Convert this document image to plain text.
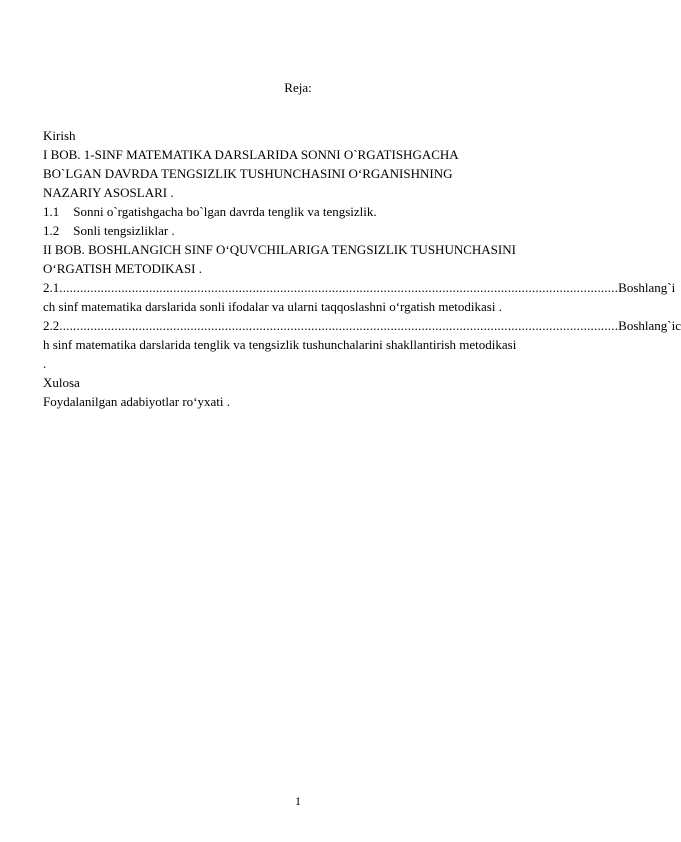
Reja:
Kirish
I BOB. 1-SINF MATEMATIKA DARSLARIDA SONNI O`RGATISHGACHA
BO`LGAN DAVRDA TENGSIZLIK TUSHUNCHASINI O‘RGANISHNING
NAZARIY ASOSLARI .
1.1 Sonni o`rgatishgacha bo`lgan davrda tenglik va tengsizlik.
1.2 Sonli tengsizliklar .
II BOB. BOSHLANGICH SINF O‘QUVCHILARIGA TENGSIZLIK TUSHUNCHASINI
O‘RGATISH METODIKASI .
2.1 .................................................................................................................................................................. Boshlang`i
ch sinf matematika darslarida sonli ifodalar va ularni taqqoslashni o‘rgatish metodikasi .
2.2 .................................................................................................................................................................. Boshlang`ic
h sinf matematika darslarida tenglik va tengsizlik tushunchalarini shakllantirish metodikasi
.
Xulosa
Foydalanilgan adabiyotlar ro‘yxati .
1
